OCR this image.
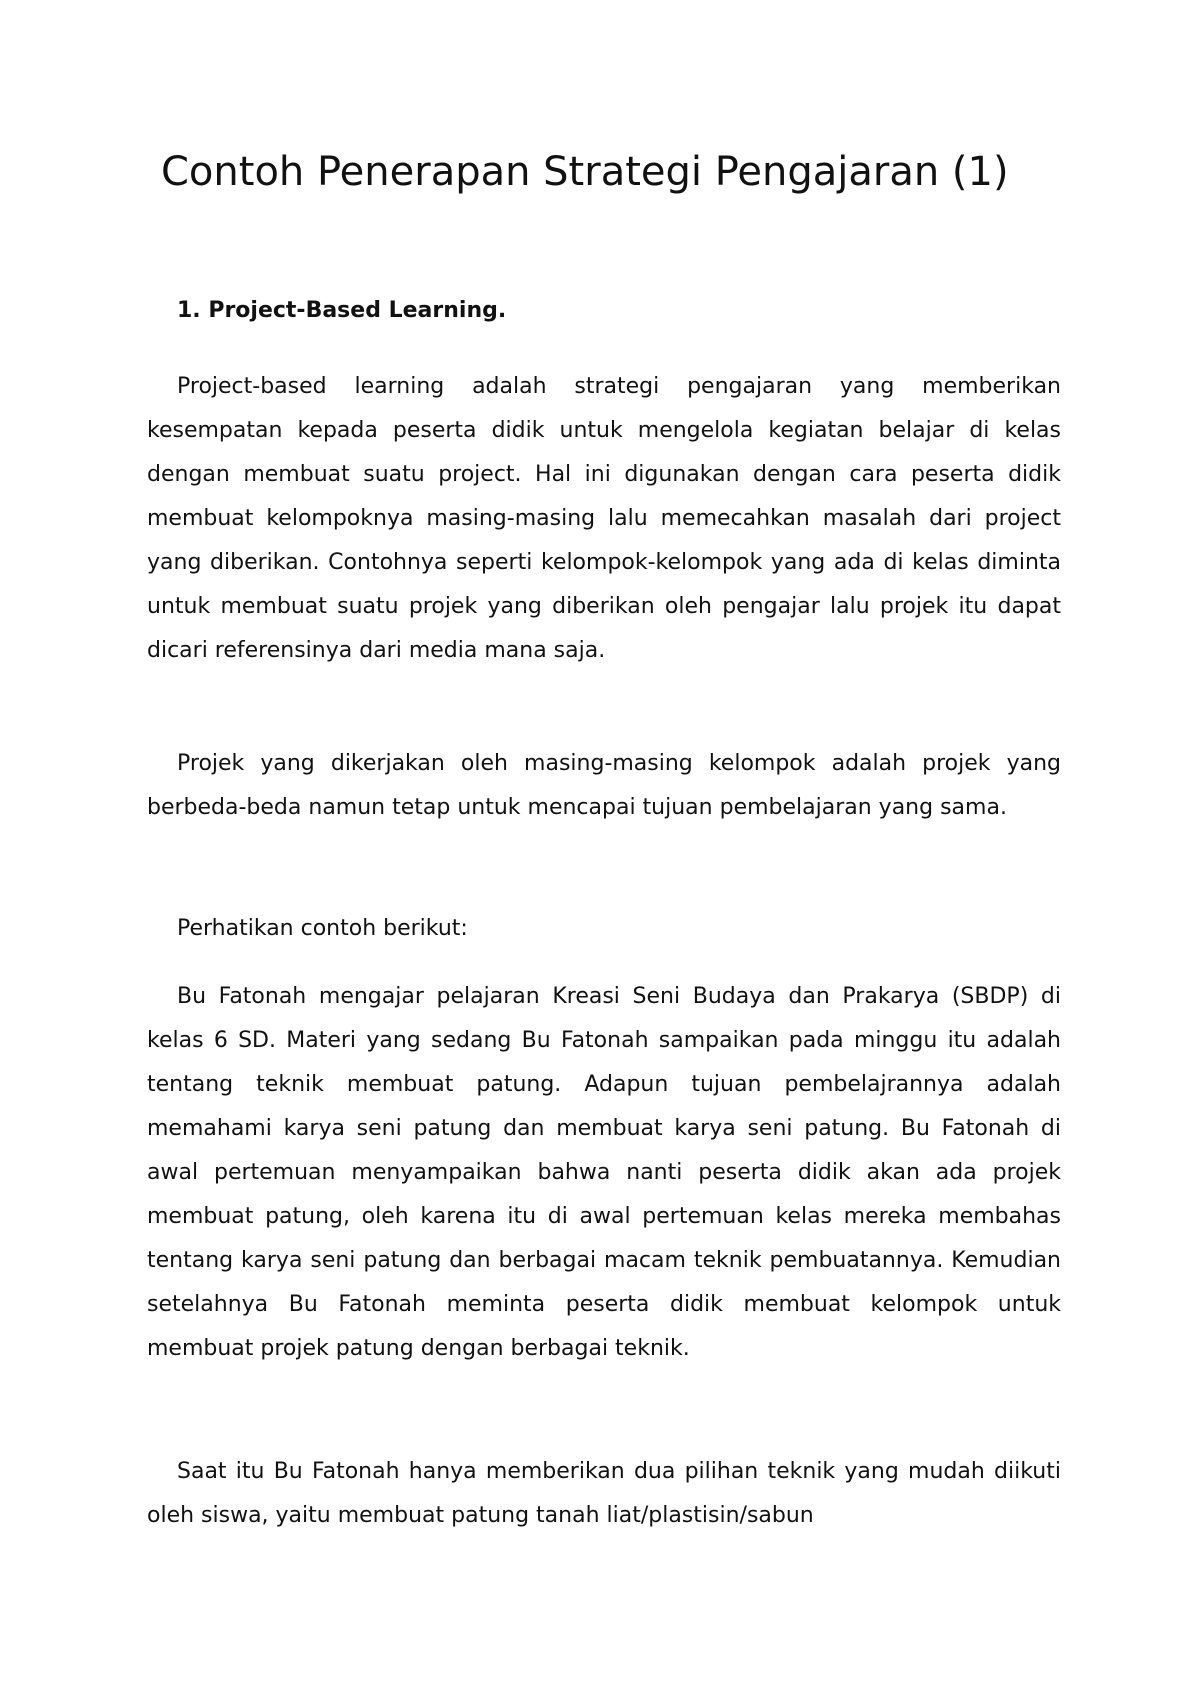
Contoh Penerapan Strategi Pengajaran (1)
1. Project-Based Learning.

Project-based learning adalah strategi pengajaran yang memberikan kesempatan kepada peserta didik untuk mengelola kegiatan belajar di kelas dengan membuat suatu project. Hal ini digunakan dengan cara peserta didik membuat kelompoknya masing-masing lalu memecahkan masalah dari project yang diberikan. Contohnya seperti kelompok-kelompok yang ada di kelas diminta untuk membuat suatu projek yang diberikan oleh pengajar lalu projek itu dapat dicari referensinya dari media mana saja.

Projek yang dikerjakan oleh masing-masing kelompok adalah projek yang berbeda-beda namun tetap untuk mencapai tujuan pembelajaran yang sama.

Perhatikan contoh berikut:

Bu Fatonah mengajar pelajaran Kreasi Seni Budaya dan Prakarya (SBDP) di kelas 6 SD. Materi yang sedang Bu Fatonah sampaikan pada minggu itu adalah tentang teknik membuat patung. Adapun tujuan pembelajrannya adalah memahami karya seni patung dan membuat karya seni patung. Bu Fatonah di awal pertemuan menyampaikan bahwa nanti peserta didik akan ada projek membuat patung, oleh karena itu di awal pertemuan kelas mereka membahas tentang karya seni patung dan berbagai macam teknik pembuatannya. Kemudian setelahnya Bu Fatonah meminta peserta didik membuat kelompok untuk membuat projek patung dengan berbagai teknik.

Saat itu Bu Fatonah hanya memberikan dua pilihan teknik yang mudah diikuti oleh siswa, yaitu membuat patung tanah liat/plastisin/sabun
